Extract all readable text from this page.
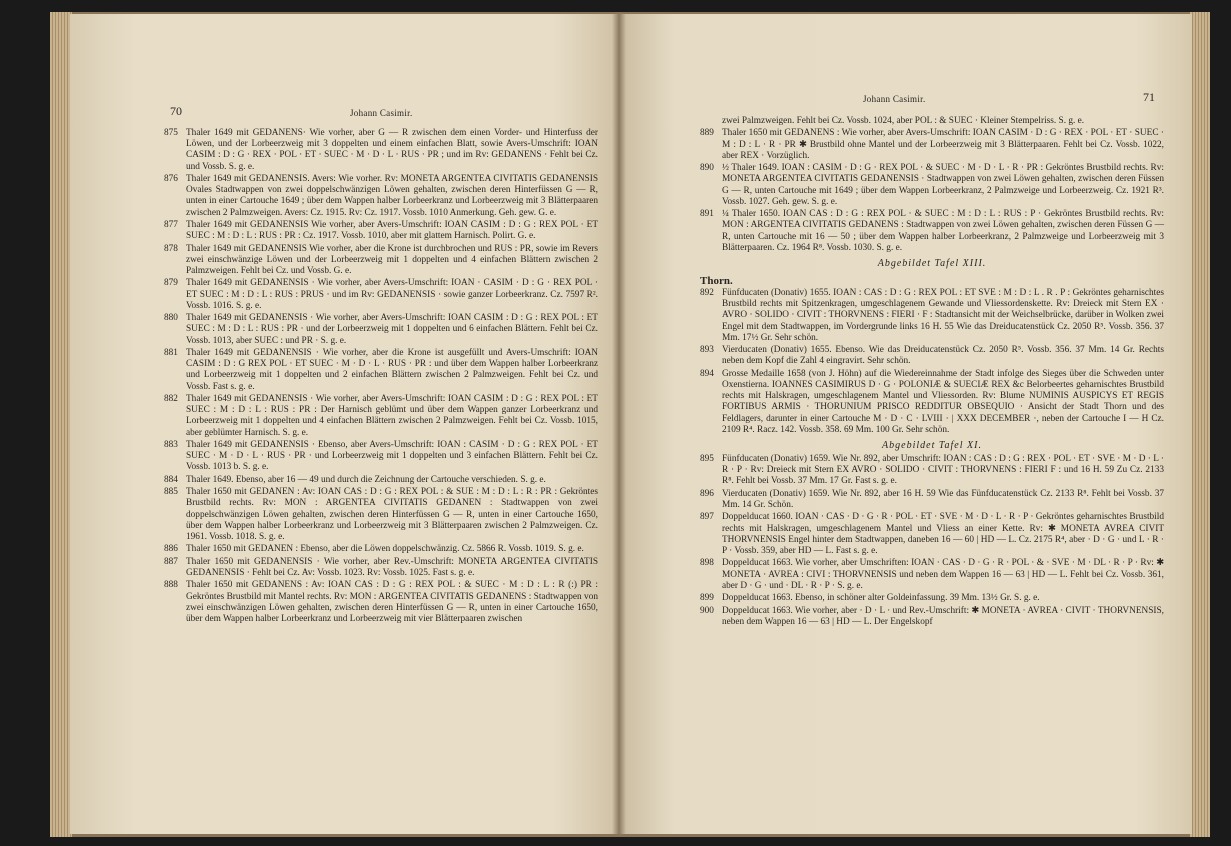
70	Johann Casimir.

875 Thaler 1649 mit GEDANENS· Wie vorher, aber G — R zwischen dem einen Vorder- und Hinterfuss der Löwen, und der Lorbeerzweig mit 3 doppelten und einem einfachen Blatt, sowie Avers-Umschrift: IOAN CASIM : D : G · REX · POL · ET · SUEC · M · D · L · RUS · PR ; und im Rv: GEDANENS · Fehlt bei Cz. und Vossb. S. g. e.

876 Thaler 1649 mit GEDANENSIS. Avers: Wie vorher. Rv: MONETA ARGENTEA CIVITATIS GEDANENSIS Ovales Stadtwappen von zwei doppelschwänzigen Löwen gehalten, zwischen deren Hinterfüssen G — R, unten in einer Cartouche 1649 ; über dem Wappen halber Lorbeerkranz und Lorbeerzweig mit 3 Blätterpaaren zwischen 2 Palmzweigen. Avers: Cz. 1915. Rv: Cz. 1917. Vossb. 1010 Anmerkung. Geh. gew. G. e.

877 Thaler 1649 mit GEDANENSIS Wie vorher, aber Avers-Umschrift: IOAN CASIM : D : G : REX POL · ET SUEC : M : D : L : RUS : PR : Cz. 1917. Vossb. 1010, aber mit glattem Harnisch. Polirt. G. e.

878 Thaler 1649 mit GEDANENSIS Wie vorher, aber die Krone ist durchbrochen und RUS : PR, sowie im Revers zwei einschwänzige Löwen und der Lorbeerzweig mit 1 doppelten und 4 einfachen Blättern zwischen 2 Palmzweigen. Fehlt bei Cz. und Vossb. G. e.

879 Thaler 1649 mit GEDANENSIS · Wie vorher, aber Avers-Umschrift: IOAN · CASIM · D : G · REX POL · ET SUEC : M : D : L : RUS : PRUS · und im Rv: GEDANENSIS · sowie ganzer Lorbeerkranz. Cz. 7597 R². Vossb. 1016. S. g. e.

880 Thaler 1649 mit GEDANENSIS · Wie vorher, aber Avers-Umschrift: IOAN CASIM : D : G : REX POL : ET SUEC : M : D : L : RUS : PR · und der Lorbeerzweig mit 1 doppelten und 6 einfachen Blättern. Fehlt bei Cz. Vossb. 1013, aber SUEC : und PR · S. g. e.

881 Thaler 1649 mit GEDANENSIS · Wie vorher, aber die Krone ist ausgefüllt und Avers-Umschrift: IOAN CASIM : D : G REX POL · ET SUEC · M · D · L · RUS · PR : und über dem Wappen halber Lorbeerkranz und Lorbeerzweig mit 1 doppelten und 2 einfachen Blättern zwischen 2 Palmzweigen. Fehlt bei Cz. und Vossb. Fast s. g. e.

882 Thaler 1649 mit GEDANENSIS · Wie vorher, aber Avers-Umschrift: IOAN CASIM : D : G : REX POL : ET SUEC : M : D : L : RUS : PR : Der Harnisch geblümt und über dem Wappen ganzer Lorbeerkranz und Lorbeerzweig mit 1 doppelten und 4 einfachen Blättern zwischen 2 Palmzweigen. Fehlt bei Cz. Vossb. 1015, aber geblümter Harnisch. S. g. e.

883 Thaler 1649 mit GEDANENSIS · Ebenso, aber Avers-Umschrift: IOAN : CASIM · D : G : REX POL · ET SUEC · M · D · L · RUS · PR · und Lorbeerzweig mit 1 doppelten und 3 einfachen Blättern. Fehlt bei Cz. Vossb. 1013 b. S. g. e.

884 Thaler 1649. Ebenso, aber 16 — 49 und durch die Zeichnung der Cartouche verschieden. S. g. e.

885 Thaler 1650 mit GEDANEN : Av: IOAN CAS : D : G : REX POL : & SUE : M : D : L : R : PR : Gekröntes Brustbild rechts. Rv: MON : ARGENTEA CIVITATIS GEDANEN : Stadtwappen von zwei doppelschwänzigen Löwen gehalten, zwischen deren Hinterfüssen G — R, unten in einer Cartouche 1650, über dem Wappen halber Lorbeerkranz und Lorbeerzweig mit 3 Blätterpaaren zwischen 2 Palmzweigen. Cz. 1961. Vossb. 1018. S. g. e.

886 Thaler 1650 mit GEDANEN : Ebenso, aber die Löwen doppelschwänzig. Cz. 5866 R. Vossb. 1019. S. g. e.

887 Thaler 1650 mit GEDANENSIS · Wie vorher, aber Rev.-Umschrift: MONETA ARGENTEA CIVITATIS GEDANENSIS · Fehlt bei Cz. Av: Vossb. 1023. Rv: Vossb. 1025. Fast s. g. e.

888 Thaler 1650 mit GEDANENS : Av: IOAN CAS : D : G : REX POL : & SUEC · M : D : L : R (:) PR : Gekröntes Brustbild mit Mantel rechts. Rv: MON : ARGENTEA CIVITATIS GEDANENS : Stadtwappen von zwei einschwänzigen Löwen gehalten, zwischen deren Hinterfüssen G — R, unten in einer Cartouche 1650, über dem Wappen halber Lorbeerkranz und Lorbeerzweig mit vier Blätterpaaren zwischen

Johann Casimir.	71

zwei Palmzweigen. Fehlt bei Cz. Vossb. 1024, aber POL : & SUEC · Kleiner Stempelriss. S. g. e.

889 Thaler 1650 mit GEDANENS : Wie vorher, aber Avers-Umschrift: IOAN CASIM · D : G · REX · POL · ET · SUEC · M : D : L · R · PR ✱ Brustbild ohne Mantel und der Lorbeerzweig mit 3 Blätterpaaren. Fehlt bei Cz. Vossb. 1022, aber REX · Vorzüglich.

890 ½ Thaler 1649. IOAN : CASIM · D : G · REX POL · & SUEC · M · D · L · R · PR : Gekröntes Brustbild rechts. Rv: MONETA ARGENTEA CIVITATIS GEDANENSIS · Stadtwappen von zwei Löwen gehalten, zwischen deren Füssen G — R, unten Cartouche mit 1649 ; über dem Wappen Lorbeerkranz, 2 Palmzweige und Lorbeerzweig. Cz. 1921 R³. Vossb. 1027. Geh. gew. S. g. e.

891 ¼ Thaler 1650. IOAN CAS : D : G : REX POL · & SUEC : M : D : L : RUS : P · Gekröntes Brustbild rechts. Rv: MON : ARGENTEA CIVITATIS GEDANENS : Stadtwappen von zwei Löwen gehalten, zwischen deren Füssen G — R, unten Cartouche mit 16 — 50 ; über dem Wappen halber Lorbeerkranz, 2 Palmzweige und Lorbeerzweig mit 3 Blätterpaaren. Cz. 1964 R⁸. Vossb. 1030. S. g. e.

Abgebildet Tafel XIII.
Thorn.

892 Fünfducaten (Donativ) 1655. IOAN : CAS : D : G : REX POL : ET SVE : M : D : L . R . P : Gekröntes geharnischtes Brustbild rechts mit Spitzenkragen, umgeschlagenem Gewande und Vliessordenskette. Rv: Dreieck mit Stern EX · AVRO · SOLIDO · CIVIT : THORVNENS : FIERI · F : Stadtansicht mit der Weichselbrücke, darüber in Wolken zwei Engel mit dem Stadtwappen, im Vordergrunde links 16 H. 55 Wie das Dreiducatenstück Cz. 2050 R⁵. Vossb. 356. 37 Mm. 17½ Gr. Sehr schön.

893 Vierducaten (Donativ) 1655. Ebenso. Wie das Dreiducatenstück Cz. 2050 R⁵. Vossb. 356. 37 Mm. 14 Gr. Rechts neben dem Kopf die Zahl 4 eingravirt. Sehr schön.

894 Grosse Medaille 1658 (von J. Höhn) auf die Wiedereinnahme der Stadt infolge des Sieges über die Schweden unter Oxenstierna. IOANNES CASIMIRUS D · G · POLONIÆ & SUECIÆ REX &c Belorbeertes geharnischtes Brustbild rechts mit Halskragen, umgeschlagenem Mantel und Vliessorden. Rv: Blume NUMINIS AUSPICYS ET REGIS FORTIBUS ARMIS · THORUNIUM PRISCO REDDITUR OBSEQUIO · Ansicht der Stadt Thorn und des Feldlagers, darunter in einer Cartouche M · D · C · LVIII · | XXX DECEMBER ·, neben der Cartouche I — H Cz. 2109 R⁴. Racz. 142. Vossb. 358. 69 Mm. 100 Gr. Sehr schön.

Abgebildet Tafel XI.

895 Fünfducaten (Donativ) 1659. Wie Nr. 892, aber Umschrift: IOAN : CAS : D : G : REX · POL · ET · SVE · M · D · L · R · P · Rv: Dreieck mit Stern EX AVRO · SOLIDO · CIVIT : THORVNENS : FIERI F : und 16 H. 59 Zu Cz. 2133 R⁸. Fehlt bei Vossb. 37 Mm. 17 Gr. Fast s. g. e.

896 Vierducaten (Donativ) 1659. Wie Nr. 892, aber 16 H. 59 Wie das Fünfducatenstück Cz. 2133 R⁸. Fehlt bei Vossb. 37 Mm. 14 Gr. Schön.

897 Doppelducat 1660. IOAN · CAS · D · G · R · POL · ET · SVE · M · D · L · R · P · Gekröntes geharnischtes Brustbild rechts mit Halskragen, umgeschlagenem Mantel und Vliess an einer Kette. Rv: ✱ MONETA AVREA CIVIT THORVNENSIS Engel hinter dem Stadtwappen, daneben 16 — 60 | HD — L. Cz. 2175 R⁴, aber · D · G · und L · R · P · Vossb. 359, aber HD — L. Fast s. g. e.

898 Doppelducat 1663. Wie vorher, aber Umschriften: IOAN · CAS · D · G · R · POL · & · SVE · M · DL · R · P · Rv: ✱ MONETA · AVREA : CIVI : THORVNENSIS und neben dem Wappen 16 — 63 | HD — L. Fehlt bei Cz. Vossb. 361, aber D · G · und · DL · R · P · S. g. e.

899 Doppelducat 1663. Ebenso, in schöner alter Goldeinfassung. 39 Mm. 13½ Gr. S. g. e.

900 Doppelducat 1663. Wie vorher, aber · D · L · und Rev.-Umschrift: ✱ MONETA · AVREA · CIVIT · THORVNENSIS, neben dem Wappen 16 — 63 | HD — L. Der Engelskopf
